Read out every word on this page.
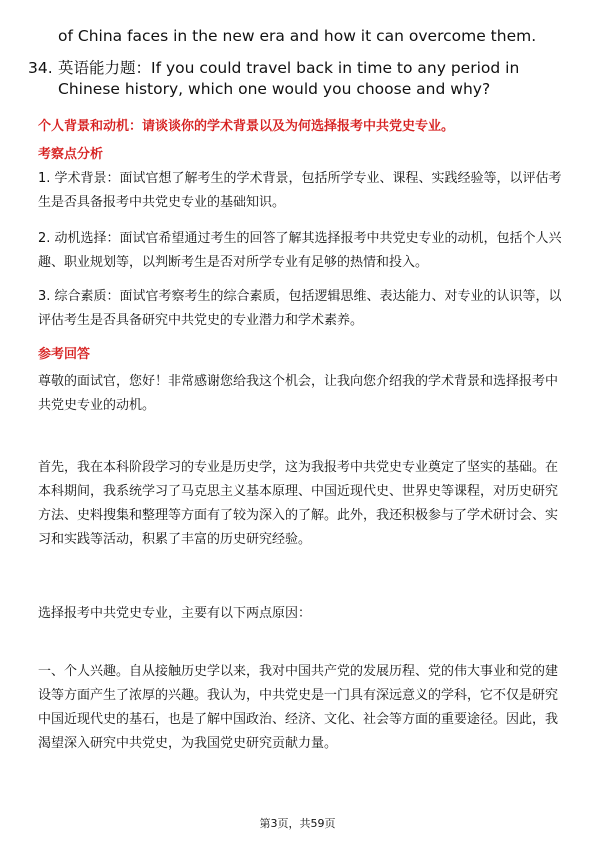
of China faces in the new era and how it can overcome them.

34. 英语能力题：If you could travel back in time to any period in Chinese history, which one would you choose and why?

个人背景和动机：请谈谈你的学术背景以及为何选择报考中共党史专业。

考察点分析

1. 学术背景：面试官想了解考生的学术背景，包括所学专业、课程、实践经验等，以评估考生是否具备报考中共党史专业的基础知识。

2. 动机选择：面试官希望通过考生的回答了解其选择报考中共党史专业的动机，包括个人兴趣、职业规划等，以判断考生是否对所学专业有足够的热情和投入。

3. 综合素质：面试官考察考生的综合素质，包括逻辑思维、表达能力、对专业的认识等，以评估考生是否具备研究中共党史的专业潜力和学术素养。

参考回答

尊敬的面试官，您好！非常感谢您给我这个机会，让我向您介绍我的学术背景和选择报考中共党史专业的动机。

首先，我在本科阶段学习的专业是历史学，这为我报考中共党史专业奠定了坚实的基础。在本科期间，我系统学习了马克思主义基本原理、中国近现代史、世界史等课程，对历史研究方法、史料搜集和整理等方面有了较为深入的了解。此外，我还积极参与了学术研讨会、实习和实践等活动，积累了丰富的历史研究经验。

选择报考中共党史专业，主要有以下两点原因：

一、个人兴趣。自从接触历史学以来，我对中国共产党的发展历程、党的伟大事业和党的建设等方面产生了浓厚的兴趣。我认为，中共党史是一门具有深远意义的学科，它不仅是研究中国近现代史的基石，也是了解中国政治、经济、文化、社会等方面的重要途径。因此，我渴望深入研究中共党史，为我国党史研究贡献力量。

第3页，共59页
